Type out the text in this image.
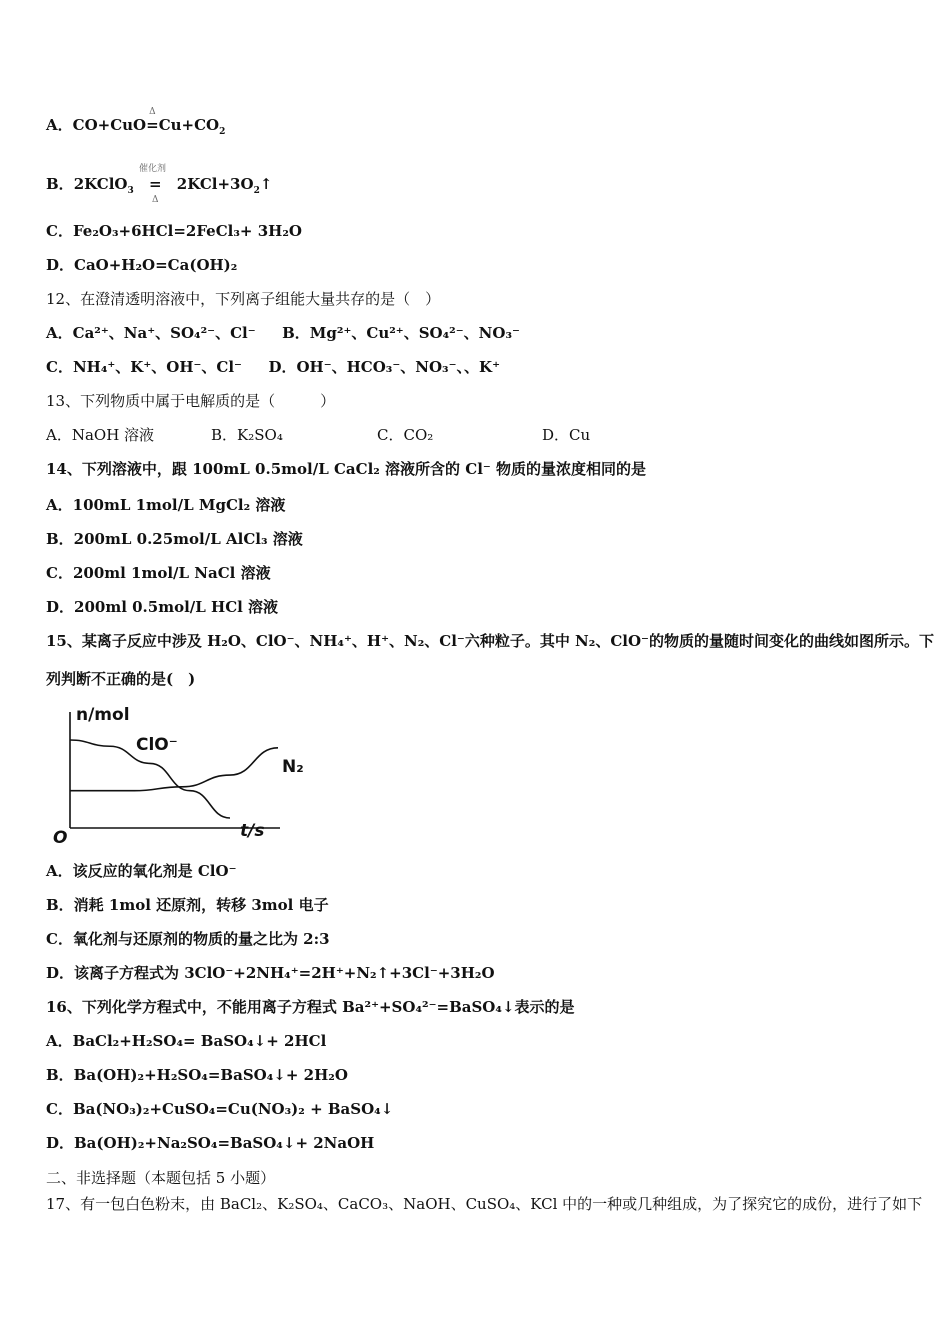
A．CO+CuO=
Δ
$Cu+CO_2$
B．2KClO$_3$ =
催化剂
Δ
$2KCl+3O_2↑$
C．Fe₂O₃+6HCl=2FeCl₃+ 3H₂O
D．CaO+H₂O=Ca(OH)₂
12、在澄清透明溶液中，下列离子组能大量共存的是（　）
A．Ca²⁺、Na⁺、SO₄²⁻、Cl⁻ B．Mg²⁺、Cu²⁺、SO₄²⁻、NO₃⁻
C．NH₄⁺、K⁺、OH⁻、Cl⁻ D．OH⁻、HCO₃⁻、NO₃⁻、、K⁺
13、下列物质中属于电解质的是（　　　）
A．NaOH 溶液	B．K₂SO₄	C．CO₂	D．Cu
14、下列溶液中，跟 100mL 0.5mol/L CaCl₂ 溶液所含的 Cl⁻ 物质的量浓度相同的是
A．100mL 1mol/L MgCl₂ 溶液
B．200mL 0.25mol/L AlCl₃ 溶液
C．200ml 1mol/L NaCl 溶液
D．200ml 0.5mol/L HCl 溶液
15、某离子反应中涉及 H₂O、ClO⁻、NH₄⁺、H⁺、N₂、Cl⁻六种粒子。其中 N₂、ClO⁻的物质的量随时间变化的曲线如图所示。下
列判断不正确的是(　)
n/mol
t/s
O
ClO⁻
N₂
A．该反应的氧化剂是 ClO⁻
B．消耗 1mol 还原剂，转移 3mol 电子
C．氧化剂与还原剂的物质的量之比为 2:3
D．该离子方程式为 3ClO⁻+2NH₄⁺=2H⁺+N₂↑+3Cl⁻+3H₂O
16、下列化学方程式中，不能用离子方程式 Ba²⁺+SO₄²⁻=BaSO₄↓表示的是
A．BaCl₂+H₂SO₄= BaSO₄↓+ 2HCl
B．Ba(OH)₂+H₂SO₄=BaSO₄↓+ 2H₂O
C．Ba(NO₃)₂+CuSO₄=Cu(NO₃)₂ + BaSO₄↓
D．Ba(OH)₂+Na₂SO₄=BaSO₄↓+ 2NaOH
二、非选择题（本题包括 5 小题）
17、有一包白色粉末，由 BaCl₂、K₂SO₄、CaCO₃、NaOH、CuSO₄、KCl 中的一种或几种组成，为了探究它的成份，进行了如下
